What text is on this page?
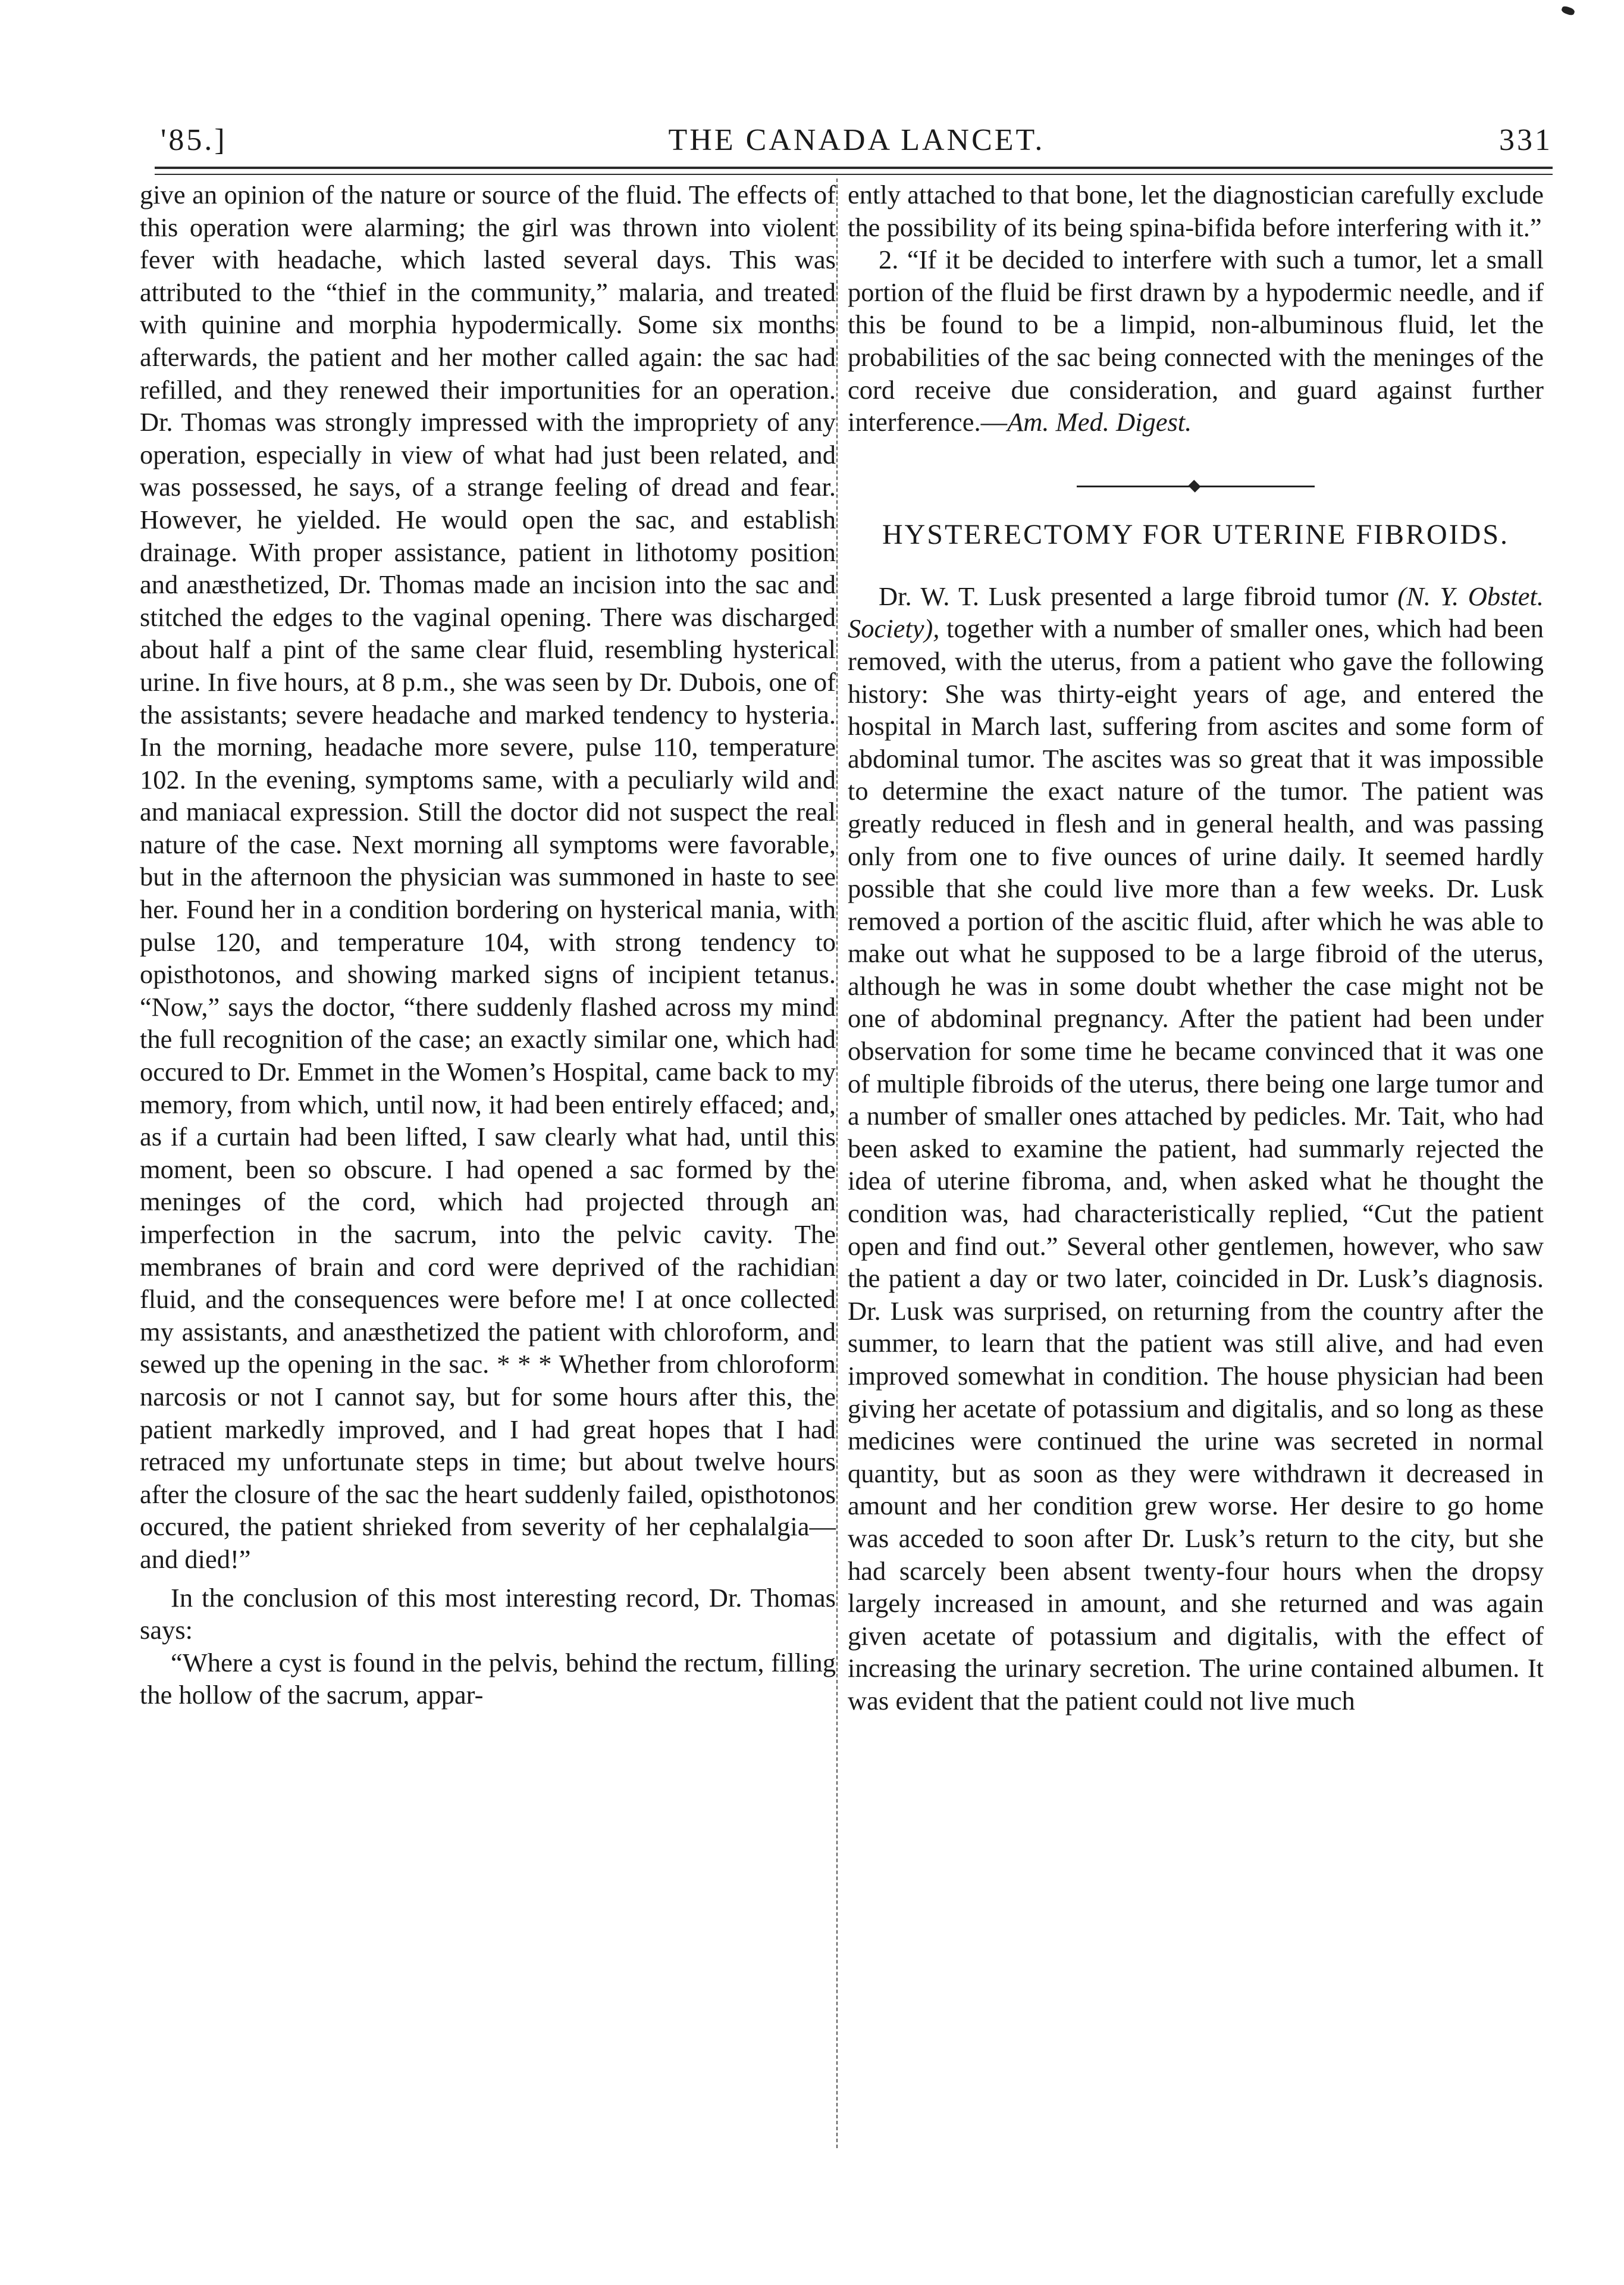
'85.]	THE CANADA LANCET.	331

give an opinion of the nature or source of the fluid. The effects of this operation were alarming; the girl was thrown into violent fever with headache, which lasted several days. This was attributed to the “thief in the community,” malaria, and treated with quinine and morphia hypodermically. Some six months afterwards, the patient and her mother called again: the sac had refilled, and they renewed their importunities for an operation. Dr. Thomas was strongly impressed with the impropriety of any operation, especially in view of what had just been related, and was possessed, he says, of a strange feeling of dread and fear. However, he yielded. He would open the sac, and establish drainage. With proper assistance, patient in lithotomy position and anæsthetized, Dr. Thomas made an incision into the sac and stitched the edges to the vaginal opening. There was discharged about half a pint of the same clear fluid, resembling hysterical urine. In five hours, at 8 p.m., she was seen by Dr. Dubois, one of the assistants; severe headache and marked tendency to hysteria. In the morning, headache more severe, pulse 110, temperature 102. In the evening, symptoms same, with a peculiarly wild and and maniacal expression. Still the doctor did not suspect the real nature of the case. Next morning all symptoms were favorable, but in the afternoon the physician was summoned in haste to see her. Found her in a condition bordering on hysterical mania, with pulse 120, and temperature 104, with strong tendency to opisthotonos, and showing marked signs of incipient tetanus. “Now,” says the doctor, “there suddenly flashed across my mind the full recognition of the case; an exactly similar one, which had occured to Dr. Emmet in the Women’s Hospital, came back to my memory, from which, until now, it had been entirely effaced; and, as if a curtain had been lifted, I saw clearly what had, until this moment, been so obscure. I had opened a sac formed by the meninges of the cord, which had projected through an imperfection in the sacrum, into the pelvic cavity. The membranes of brain and cord were deprived of the rachidian fluid, and the consequences were before me! I at once collected my assistants, and anæsthetized the patient with chloroform, and sewed up the opening in the sac. * * * Whether from chloroform narcosis or not I cannot say, but for some hours after this, the patient markedly improved, and I had great hopes that I had retraced my unfortunate steps in time; but about twelve hours after the closure of the sac the heart suddenly failed, opisthotonos occured, the patient shrieked from severity of her cephalalgia—and died!”

In the conclusion of this most interesting record, Dr. Thomas says:

“Where a cyst is found in the pelvis, behind the rectum, filling the hollow of the sacrum, appar-

ently attached to that bone, let the diagnostician carefully exclude the possibility of its being spina-bifida before interfering with it.”

2. “If it be decided to interfere with such a tumor, let a small portion of the fluid be first drawn by a hypodermic needle, and if this be found to be a limpid, non-albuminous fluid, let the probabilities of the sac being connected with the meninges of the cord receive due consideration, and guard against further interference.—Am. Med. Digest.

HYSTERECTOMY FOR UTERINE FIBROIDS.

Dr. W. T. Lusk presented a large fibroid tumor (N. Y. Obstet. Society), together with a number of smaller ones, which had been removed, with the uterus, from a patient who gave the following history: She was thirty-eight years of age, and entered the hospital in March last, suffering from ascites and some form of abdominal tumor. The ascites was so great that it was impossible to determine the exact nature of the tumor. The patient was greatly reduced in flesh and in general health, and was passing only from one to five ounces of urine daily. It seemed hardly possible that she could live more than a few weeks. Dr. Lusk removed a portion of the ascitic fluid, after which he was able to make out what he supposed to be a large fibroid of the uterus, although he was in some doubt whether the case might not be one of abdominal pregnancy. After the patient had been under observation for some time he became convinced that it was one of multiple fibroids of the uterus, there being one large tumor and a number of smaller ones attached by pedicles. Mr. Tait, who had been asked to examine the patient, had summarly rejected the idea of uterine fibroma, and, when asked what he thought the condition was, had characteristically replied, “Cut the patient open and find out.” Several other gentlemen, however, who saw the patient a day or two later, coincided in Dr. Lusk’s diagnosis. Dr. Lusk was surprised, on returning from the country after the summer, to learn that the patient was still alive, and had even improved somewhat in condition. The house physician had been giving her acetate of potassium and digitalis, and so long as these medicines were continued the urine was secreted in normal quantity, but as soon as they were withdrawn it decreased in amount and her condition grew worse. Her desire to go home was acceded to soon after Dr. Lusk’s return to the city, but she had scarcely been absent twenty-four hours when the dropsy largely increased in amount, and she returned and was again given acetate of potassium and digitalis, with the effect of increasing the urinary secretion. The urine contained albumen. It was evident that the patient could not live much
